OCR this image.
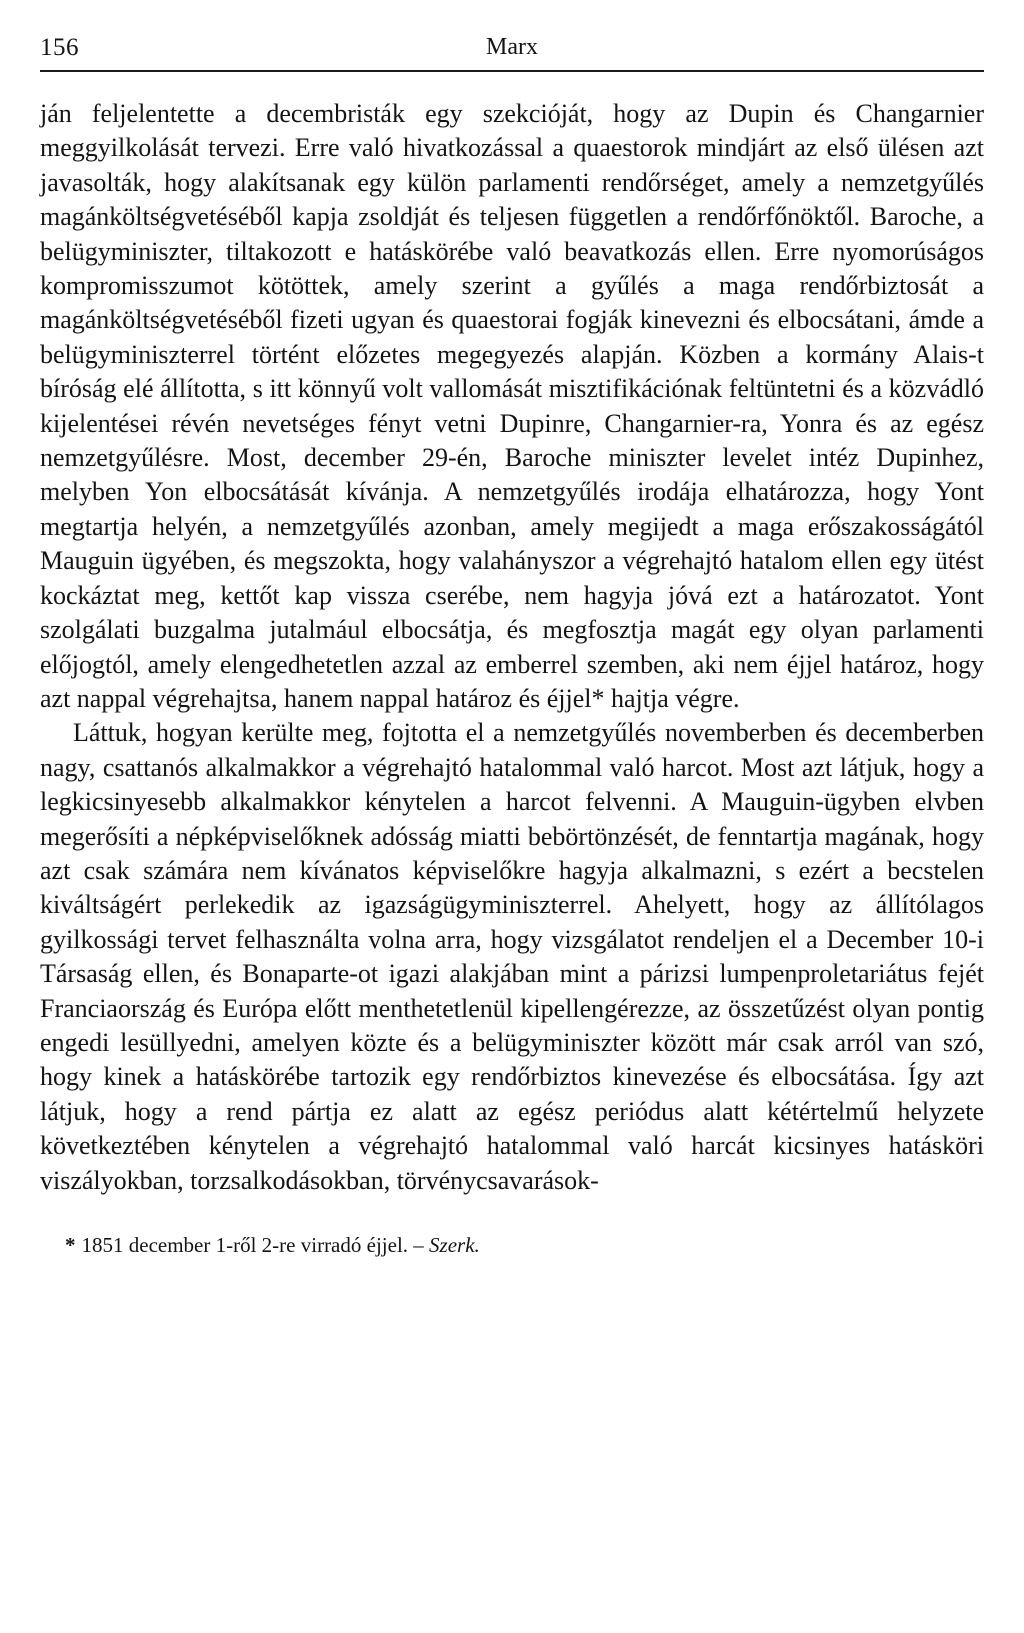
156	Marx

ján feljelentette a decembristák egy szekcióját, hogy az Dupin és Changarnier meggyilkolását tervezi. Erre való hivatkozással a quaestorok mindjárt az első ülésen azt javasolták, hogy alakítsanak egy külön parlamenti rendőrséget, amely a nemzetgyűlés magánköltségvetéséből kapja zsoldját és teljesen független a rendőrfőnöktől. Baroche, a belügyminiszter, tiltakozott e hatáskörébe való beavatkozás ellen. Erre nyomorúságos kompromisszumot kötöttek, amely szerint a gyűlés a maga rendőrbiztosát a magánköltségvetéséből fizeti ugyan és quaestorai fogják kinevezni és elbocsátani, ámde a belügyminiszterrel történt előzetes megegyezés alapján. Közben a kormány Alais-t bíróság elé állította, s itt könnyű volt vallomását misztifikációnak feltüntetni és a közvádló kijelentései révén nevetséges fényt vetni Dupinre, Changarnier-ra, Yonra és az egész nemzetgyűlésre. Most, december 29-én, Baroche miniszter levelet intéz Dupinhez, melyben Yon elbocsátását kívánja. A nemzetgyűlés irodája elhatározza, hogy Yont megtartja helyén, a nemzetgyűlés azonban, amely megijedt a maga erőszakosságától Mauguin ügyében, és megszokta, hogy valahányszor a végrehajtó hatalom ellen egy ütést kockáztat meg, kettőt kap vissza cserébe, nem hagyja jóvá ezt a határozatot. Yont szolgálati buzgalma jutalmául elbocsátja, és megfosztja magát egy olyan parlamenti előjogtól, amely elengedhetetlen azzal az emberrel szemben, aki nem éjjel határoz, hogy azt nappal végrehajtsa, hanem nappal határoz és éjjel* hajtja végre.

Láttuk, hogyan kerülte meg, fojtotta el a nemzetgyűlés novemberben és decemberben nagy, csattanós alkalmakkor a végrehajtó hatalommal való harcot. Most azt látjuk, hogy a legkicsinyesebb alkalmakkor kénytelen a harcot felvenni. A Mauguin-ügyben elvben megerősíti a népképviselőknek adósság miatti bebörtönzését, de fenntartja magának, hogy azt csak számára nem kívánatos képviselőkre hagyja alkalmazni, s ezért a becstelen kiváltságért perlekedik az igazságügyminiszterrel. Ahelyett, hogy az állítólagos gyilkossági tervet felhasználta volna arra, hogy vizsgálatot rendeljen el a December 10-i Társaság ellen, és Bonaparte-ot igazi alakjában mint a párizsi lumpenproletariátus fejét Franciaország és Európa előtt menthetetlenül kipellengérezze, az összetűzést olyan pontig engedi lesüllyedni, amelyen közte és a belügyminiszter között már csak arról van szó, hogy kinek a hatáskörébe tartozik egy rendőrbiztos kinevezése és elbocsátása. Így azt látjuk, hogy a rend pártja ez alatt az egész periódus alatt kétértelmű helyzete következtében kénytelen a végrehajtó hatalommal való harcát kicsinyes hatásköri viszályokban, torzsalkodásokban, törvénycsavarások-

* 1851 december 1-ről 2-re virradó éjjel. – Szerk.
